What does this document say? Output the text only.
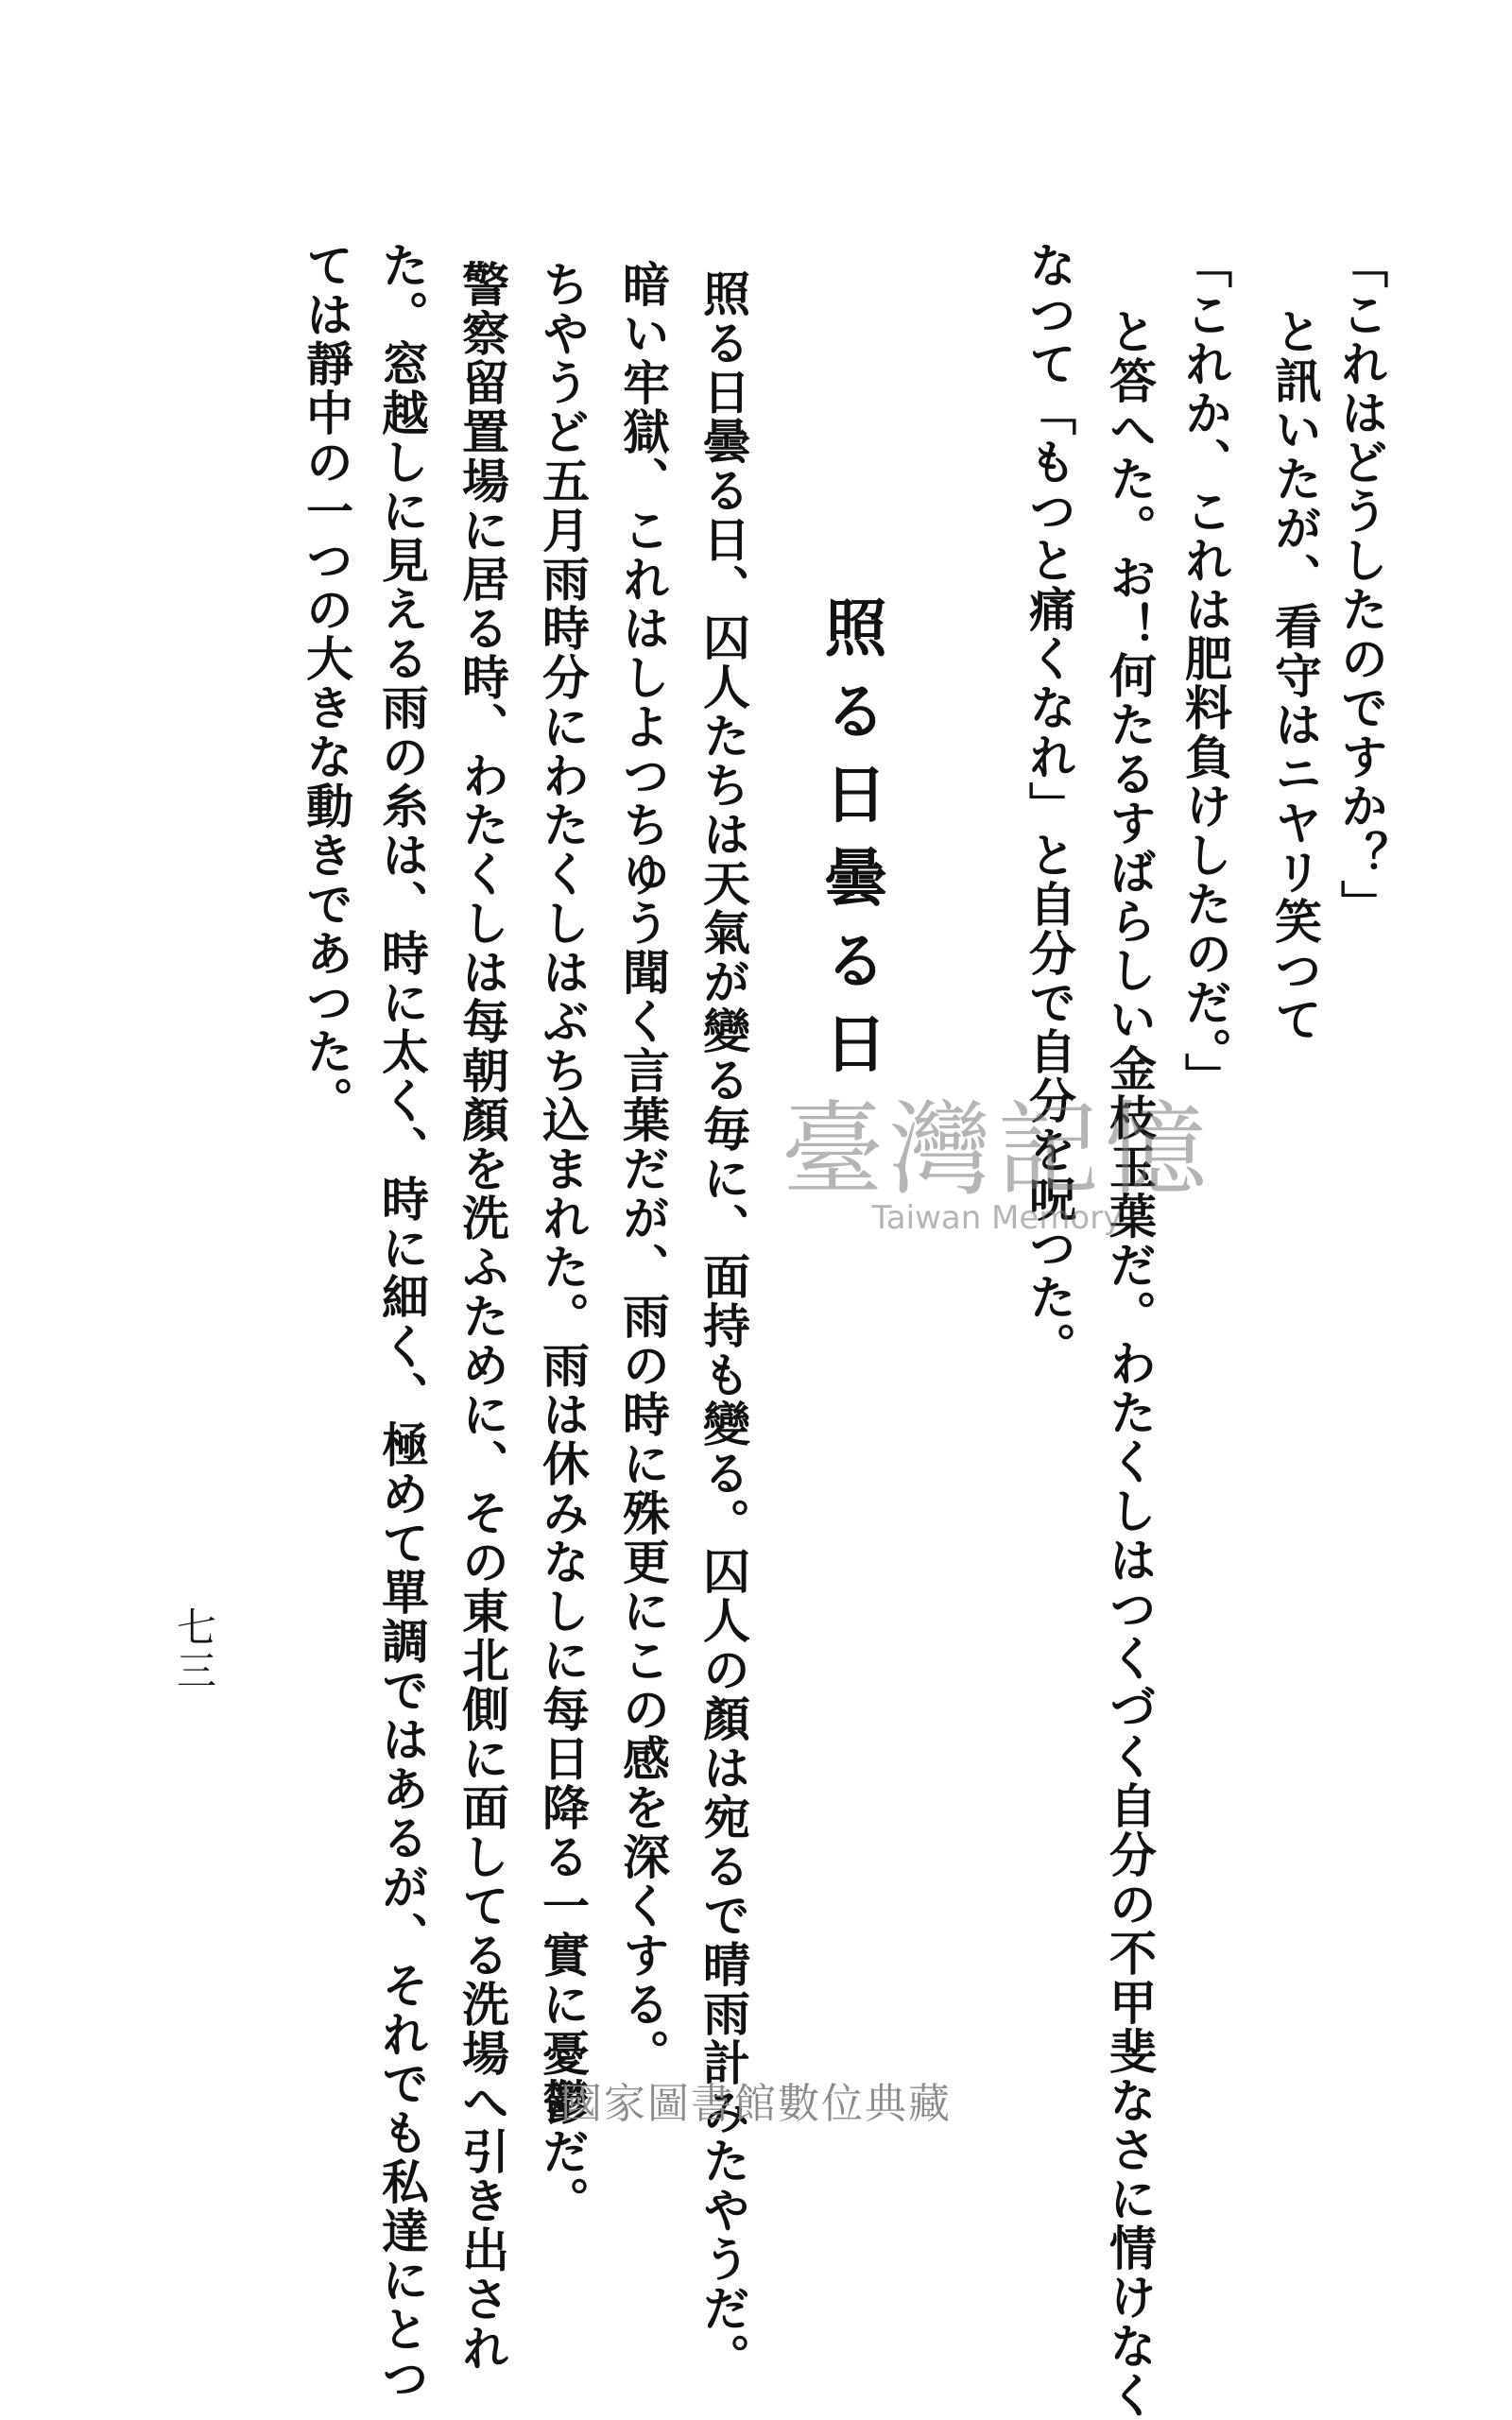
「これはどうしたのですか？」
と訊いたが、看守はニヤリ笑つて
「これか、これは肥料負けしたのだ。」
と答へた。お！何たるすばらしい金枝玉葉だ。わたくしはつくづく自分の不甲斐なさに情けなく
なつて「もつと痛くなれ」と自分で自分を呪つた。
照る日曇る日
照る日曇る日、囚人たちは天氣が變る毎に、面持も變る。囚人の顏は宛るで晴雨計みたやうだ。
暗い牢獄、これはしよつちゆう聞く言葉だが、雨の時に殊更にこの感を深くする。
ちやうど五月雨時分にわたくしはぶち込まれた。雨は休みなしに每日降る一實に憂鬱だ。
警察留置場に居る時、わたくしは每朝顏を洗ふために、その東北側に面してる洗場へ引き出され
た。窓越しに見える雨の糸は、時に太く、時に細く、極めて單調ではあるが、それでも私達にとつ
ては靜中の一つの大きな動きであつた。
七三
臺灣記憶
Taiwan Memory
國家圖書館數位典藏
